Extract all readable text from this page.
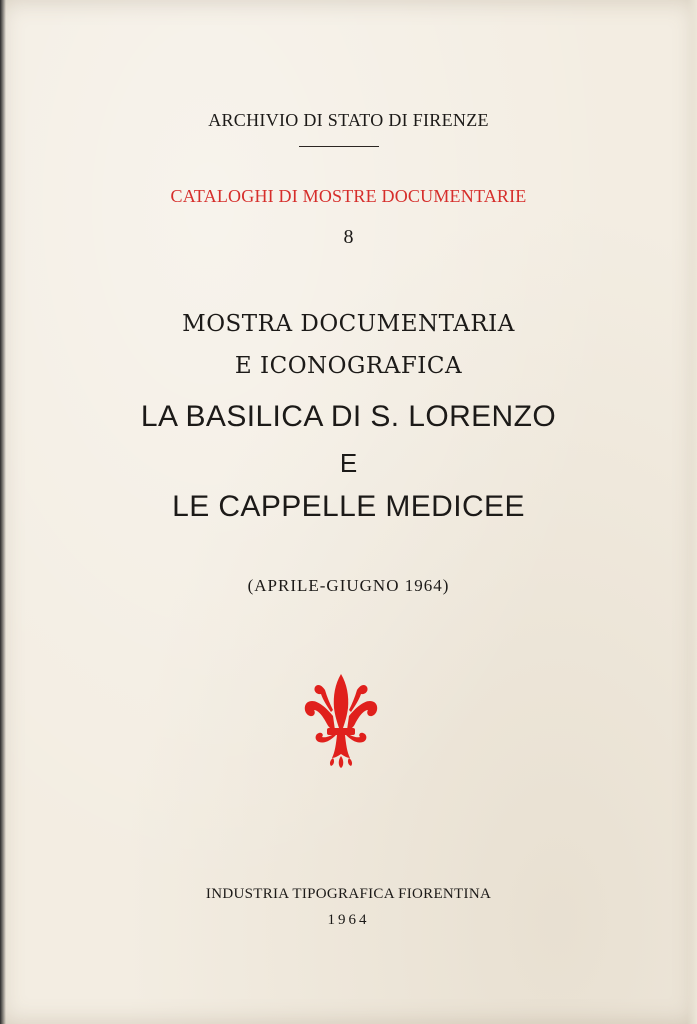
ARCHIVIO DI STATO DI FIRENZE
CATALOGHI DI MOSTRE DOCUMENTARIE
8
MOSTRA DOCUMENTARIA
E ICONOGRAFICA
LA BASILICA DI S. LORENZO
E
LE CAPPELLE MEDICEE
(APRILE-GIUGNO 1964)
INDUSTRIA TIPOGRAFICA FIORENTINA
1964
